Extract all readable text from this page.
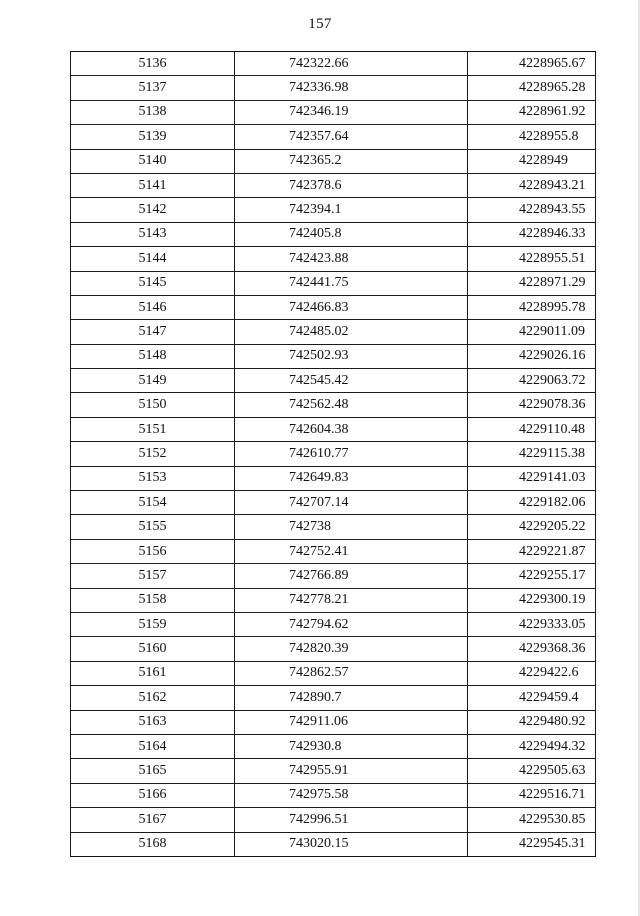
157
5136	742322.66	4228965.67
5137	742336.98	4228965.28
5138	742346.19	4228961.92
5139	742357.64	4228955.8
5140	742365.2	4228949
5141	742378.6	4228943.21
5142	742394.1	4228943.55
5143	742405.8	4228946.33
5144	742423.88	4228955.51
5145	742441.75	4228971.29
5146	742466.83	4228995.78
5147	742485.02	4229011.09
5148	742502.93	4229026.16
5149	742545.42	4229063.72
5150	742562.48	4229078.36
5151	742604.38	4229110.48
5152	742610.77	4229115.38
5153	742649.83	4229141.03
5154	742707.14	4229182.06
5155	742738	4229205.22
5156	742752.41	4229221.87
5157	742766.89	4229255.17
5158	742778.21	4229300.19
5159	742794.62	4229333.05
5160	742820.39	4229368.36
5161	742862.57	4229422.6
5162	742890.7	4229459.4
5163	742911.06	4229480.92
5164	742930.8	4229494.32
5165	742955.91	4229505.63
5166	742975.58	4229516.71
5167	742996.51	4229530.85
5168	743020.15	4229545.31
